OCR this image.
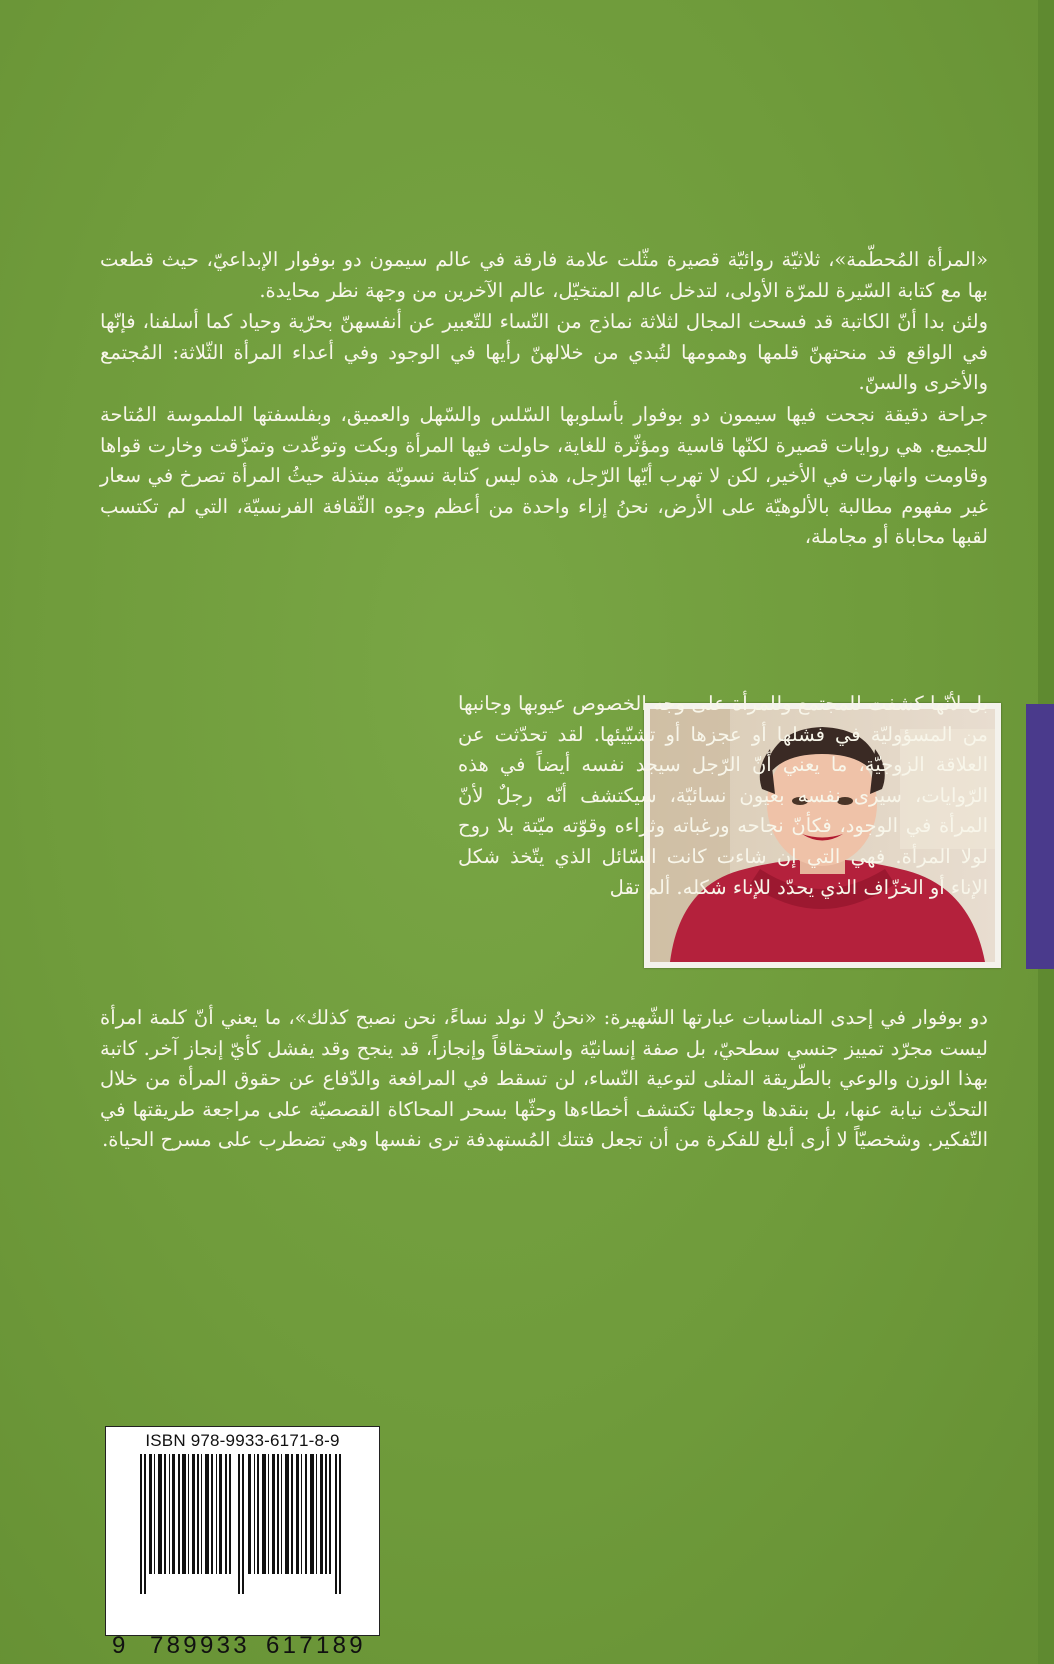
«المرأة المُحطّمة»، ثلاثيّة روائيّة قصيرة مثّلت علامة فارقة في عالم سيمون دو بوفوار الإبداعيّ، حيث قطعت بها مع كتابة السّيرة للمرّة الأولى، لتدخل عالم المتخيّل، عالم الآخرين من وجهة نظر محايدة.

ولئن بدا أنّ الكاتبة قد فسحت المجال لثلاثة نماذج من النّساء للتّعبير عن أنفسهنّ بحرّية وحياد كما أسلفنا، فإنّها في الواقع قد منحتهنّ قلمها وهمومها لتُبدي من خلالهنّ رأيها في الوجود وفي أعداء المرأة الثّلاثة: المُجتمع والأخرى والسنّ.

جراحة دقيقة نجحت فيها سيمون دو بوفوار بأسلوبها السّلس والسّهل والعميق، وبفلسفتها الملموسة المُتاحة للجميع. هي روايات قصيرة لكنّها قاسية ومؤثّرة للغاية، حاولت فيها المرأة وبكت وتوعّدت وتمزّقت وخارت قواها وقاومت وانهارت في الأخير، لكن لا تهرب أيّها الرّجل، هذه ليس كتابة نسويّة مبتذلة حيثُ المرأة تصرخ في سعار غير مفهوم مطالبة بالألوهيّة على الأرض، نحنُ إزاء واحدة من أعظم وجوه الثّقافة الفرنسيّة، التي لم تكتسب لقبها محاباة أو مجاملة،

بل لأنّها كشفت للمجتمع وللمرأة على وجه الخصوص عيوبها وجانبها من المسؤوليّة في فشلها أو عجزها أو تشيّيئها. لقد تحدّثت عن العلاقة الزوجيّة، ما يعني أنّ الرّجل سيجد نفسه أيضاً في هذه الرّوايات، سيرى نفسه بعيون نسائيّة، سيكتشف أنّه رجلٌ لأنّ المرأة في الوجود، فكأنّ نجاحه ورغباته وثراءه وقوّته ميّتة بلا روح لولا المرأة. فهي التي إن شاءت كانت السّائل الذي يتّخذ شكل الإناء أو الخزّاف الذي يحدّد للإناء شكله. ألم تقل

دو بوفوار في إحدى المناسبات عبارتها الشّهيرة: «نحنُ لا نولد نساءً، نحن نصبح كذلك»، ما يعني أنّ كلمة امرأة ليست مجرّد تمييز جنسي سطحيّ، بل صفة إنسانيّة واستحقاقاً وإنجازاً، قد ينجح وقد يفشل كأيّ إنجاز آخر. كاتبة بهذا الوزن والوعي بالطّريقة المثلى لتوعية النّساء، لن تسقط في المرافعة والدّفاع عن حقوق المرأة من خلال التحدّث نيابة عنها، بل بنقدها وجعلها تكتشف أخطاءها وحثّها بسحر المحاكاة القصصيّة على مراجعة طريقتها في التّفكير. وشخصيّاً لا أرى أبلغ للفكرة من أن تجعل فتتك المُستهدفة ترى نفسها وهي تضطرب على مسرح الحياة.

ISBN 978-9933-6171-8-9
9 789933 617189
